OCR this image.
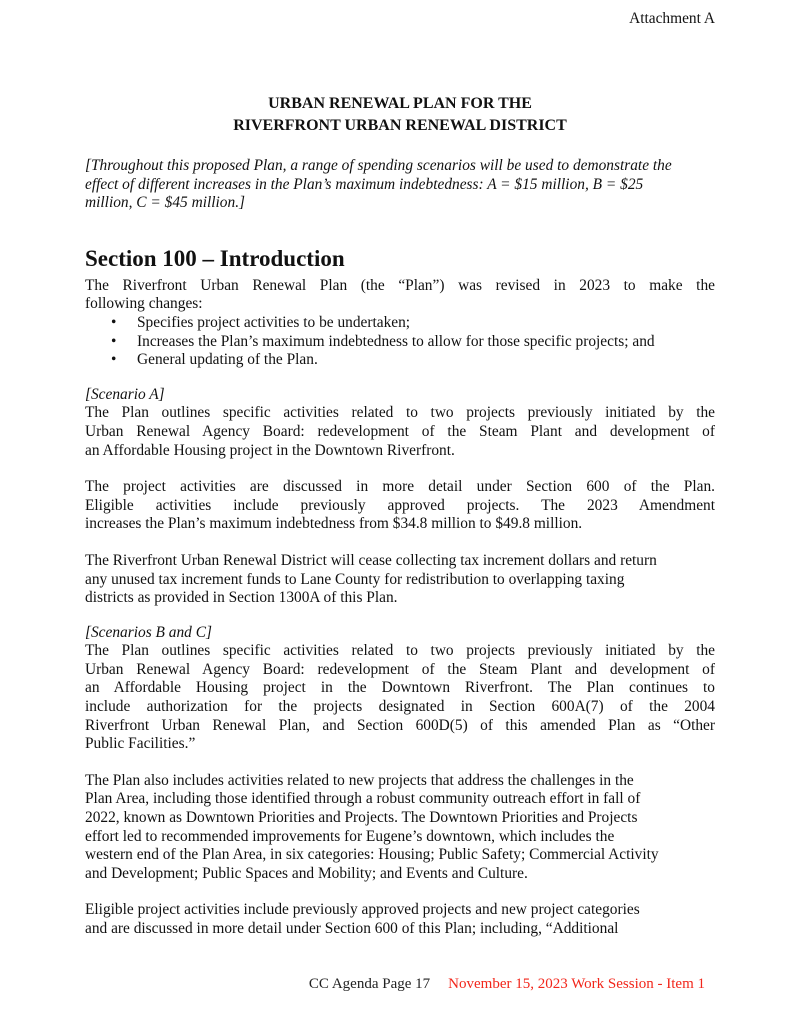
Attachment A
URBAN RENEWAL PLAN FOR THE
RIVERFRONT URBAN RENEWAL DISTRICT
[Throughout this proposed Plan, a range of spending scenarios will be used to demonstrate the
effect of different increases in the Plan’s maximum indebtedness: A = $15 million, B = $25
million, C = $45 million.]
Section 100 – Introduction
The Riverfront Urban Renewal Plan (the “Plan”) was revised in 2023 to make the
following changes:
• Specifies project activities to be undertaken;
• Increases the Plan’s maximum indebtedness to allow for those specific projects; and
• General updating of the Plan.
[Scenario A]
The Plan outlines specific activities related to two projects previously initiated by the
Urban Renewal Agency Board: redevelopment of the Steam Plant and development of
an Affordable Housing project in the Downtown Riverfront.
The project activities are discussed in more detail under Section 600 of the Plan.
Eligible activities include previously approved projects. The 2023 Amendment
increases the Plan’s maximum indebtedness from $34.8 million to $49.8 million.
The Riverfront Urban Renewal District will cease collecting tax increment dollars and return
any unused tax increment funds to Lane County for redistribution to overlapping taxing
districts as provided in Section 1300A of this Plan.
[Scenarios B and C]
The Plan outlines specific activities related to two projects previously initiated by the
Urban Renewal Agency Board: redevelopment of the Steam Plant and development of
an Affordable Housing project in the Downtown Riverfront. The Plan continues to
include authorization for the projects designated in Section 600A(7) of the 2004
Riverfront Urban Renewal Plan, and Section 600D(5) of this amended Plan as “Other
Public Facilities.”
The Plan also includes activities related to new projects that address the challenges in the
Plan Area, including those identified through a robust community outreach effort in fall of
2022, known as Downtown Priorities and Projects. The Downtown Priorities and Projects
effort led to recommended improvements for Eugene’s downtown, which includes the
western end of the Plan Area, in six categories: Housing; Public Safety; Commercial Activity
and Development; Public Spaces and Mobility; and Events and Culture.
Eligible project activities include previously approved projects and new project categories
and are discussed in more detail under Section 600 of this Plan; including, “Additional
CC Agenda Page 17 November 15, 2023 Work Session - Item 1
